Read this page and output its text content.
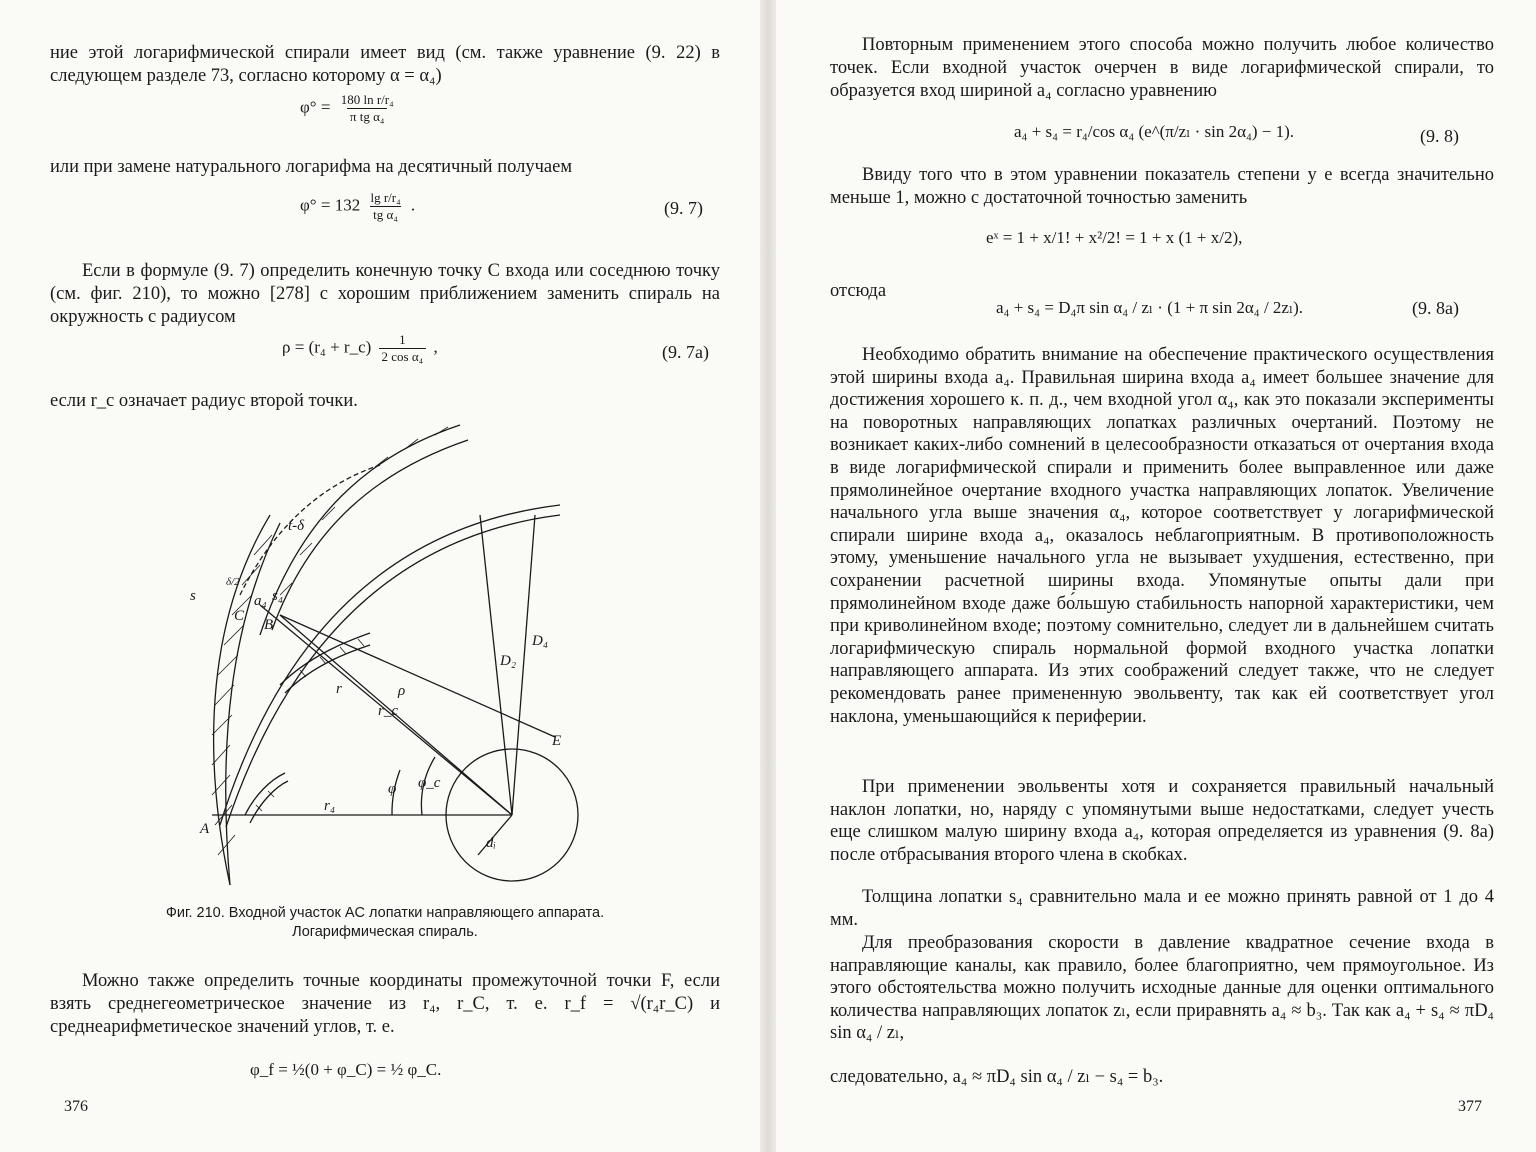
ние этой логарифмической спирали имеет вид (см. также уравнение (9. 22) в следующем разделе 73, согласно которому α = α₄)

$\varphi^\circ = \frac{\text{180 ln r/r₄}}{\text{π tg α₄}}$

или при замене натурального логарифма на десятичный получаем

$\varphi^\circ = 132 \frac{\text{lg r/r₄}}{\text{tg α₄}}$ .	(9. 7)

Если в формуле (9. 7) определить конечную точку C входа или соседнюю точку (см. фиг. 210), то можно [278] с хорошим приближением заменить спираль на окружность с радиусом

ρ = (r₄ + r_c) $\frac{1}{\text{2 cos α₄}}$ ,	(9. 7a)

если r_c означает радиус второй точки.

t-δ
s
δ/2
a₄ s₄
C
B
r
r_c
ρ
E
D₂
D₄
φ φ_c
r₄
A
dᵢ
Фиг. 210. Входной участок AC лопатки направляющего аппарата. Логарифмическая спираль.

Можно также определить точные координаты промежуточной точки F, если взять среднегеометрическое значение из r₄, r_C, т. е. r_f = √(r₄r_C) и среднеарифметическое значений углов, т. е.

φ_f = ½(0 + φ_C) = ½ φ_C.
376

Повторным применением этого способа можно получить любое количество точек. Если входной участок очерчен в виде логарифмической спирали, то образуется вход шириной a₄ согласно уравнению

a₄ + s₄ = r₄/cos α₄ (e^(π/zₗ · sin 2α₄) − 1).	(9. 8)

Ввиду того что в этом уравнении показатель степени у e всегда значительно меньше 1, можно с достаточной точностью заменить

eˣ = 1 + x/1! + x²/2! = 1 + x (1 + x/2),

отсюда

a₄ + s₄ = D₄π sin α₄ / zₗ · (1 + π sin 2α₄ / 2zₗ).	(9. 8a)

Необходимо обратить внимание на обеспечение практического осуществления этой ширины входа a₄. Правильная ширина входа a₄ имеет большее значение для достижения хорошего к. п. д., чем входной угол α₄, как это показали эксперименты на поворотных направляющих лопатках различных очертаний. Поэтому не возникает каких-либо сомнений в целесообразности отказаться от очертания входа в виде логарифмической спирали и применить более выправленное или даже прямолинейное очертание входного участка направляющих лопаток. Увеличение начального угла выше значения α₄, которое соответствует у логарифмической спирали ширине входа a₄, оказалось неблагоприятным. В противоположность этому, уменьшение начального угла не вызывает ухудшения, естественно, при сохранении расчетной ширины входа. Упомянутые опыты дали при прямолинейном входе даже бо́льшую стабильность напорной характеристики, чем при криволинейном входе; поэтому сомнительно, следует ли в дальнейшем считать логарифмическую спираль нормальной формой входного участка лопатки направляющего аппарата. Из этих соображений следует также, что не следует рекомендовать ранее примененную эвольвенту, так как ей соответствует угол наклона, уменьшающийся к периферии.

При применении эвольвенты хотя и сохраняется правильный начальный наклон лопатки, но, наряду с упомянутыми выше недостатками, следует учесть еще слишком малую ширину входа a₄, которая определяется из уравнения (9. 8a) после отбрасывания второго члена в скобках.

Толщина лопатки s₄ сравнительно мала и ее можно принять равной от 1 до 4 мм.

Для преобразования скорости в давление квадратное сечение входа в направляющие каналы, как правило, более благоприятно, чем прямоугольное. Из этого обстоятельства можно получить исходные данные для оценки оптимального количества направляющих лопаток zₗ, если приравнять a₄ ≈ b₃. Так как a₄ + s₄ ≈ πD₄ sin α₄ / zₗ,

следовательно, a₄ ≈ πD₄ sin α₄ / zₗ − s₄ = b₃.

377
